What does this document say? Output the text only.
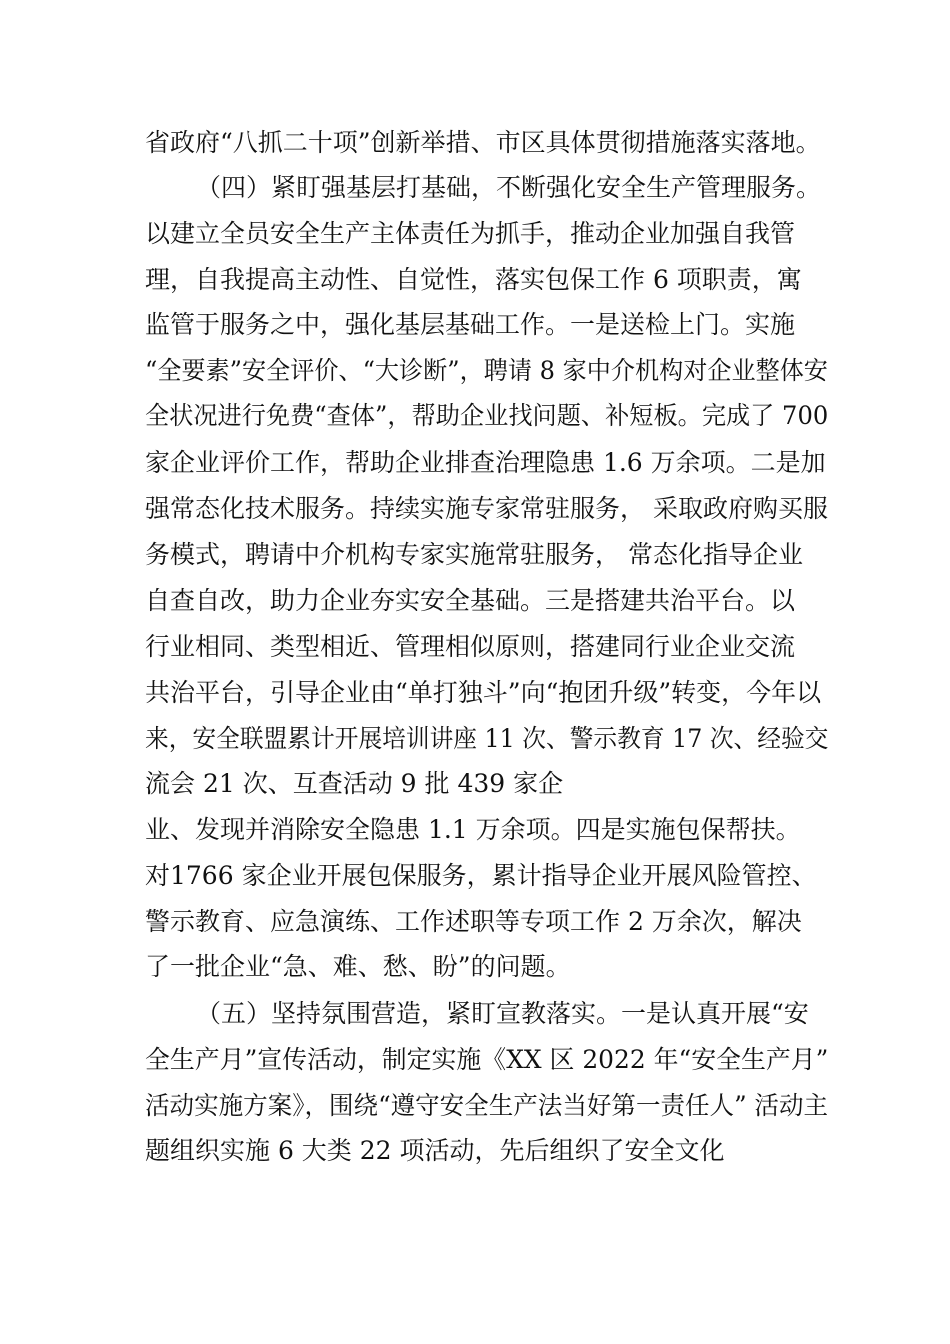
省政府“八抓二十项”创新举措、市区具体贯彻措施落实落地。
（四）紧盯强基层打基础，不断强化安全生产管理服务。
以建立全员安全生产主体责任为抓手，推动企业加强自我管
理，自我提高主动性、自觉性，落实包保工作 6 项职责，寓
监管于服务之中，强化基层基础工作。一是送检上门。实施
“全要素”安全评价、“大诊断”，聘请 8 家中介机构对企业整体安
全状况进行免费“查体”，帮助企业找问题、补短板。完成了 700
家企业评价工作，帮助企业排查治理隐患 1.6 万余项。二是加
强常态化技术服务。持续实施专家常驻服务， 采取政府购买服
务模式，聘请中介机构专家实施常驻服务， 常态化指导企业
自查自改，助力企业夯实安全基础。三是搭建共治平台。以
行业相同、类型相近、管理相似原则，搭建同行业企业交流
共治平台，引导企业由“单打独斗”向“抱团升级”转变，今年以
来，安全联盟累计开展培训讲座 11 次、警示教育 17 次、经验交
流会 21 次、互查活动 9 批 439 家企
业、发现并消除安全隐患 1.1 万余项。四是实施包保帮扶。
对1766 家企业开展包保服务，累计指导企业开展风险管控、
警示教育、应急演练、工作述职等专项工作 2 万余次，解决
了一批企业“急、难、愁、盼”的问题。
（五）坚持氛围营造，紧盯宣教落实。一是认真开展“安
全生产月”宣传活动，制定实施《XX 区 2022 年“安全生产月”
活动实施方案》，围绕“遵守安全生产法当好第一责任人” 活动主
题组织实施 6 大类 22 项活动，先后组织了安全文化
